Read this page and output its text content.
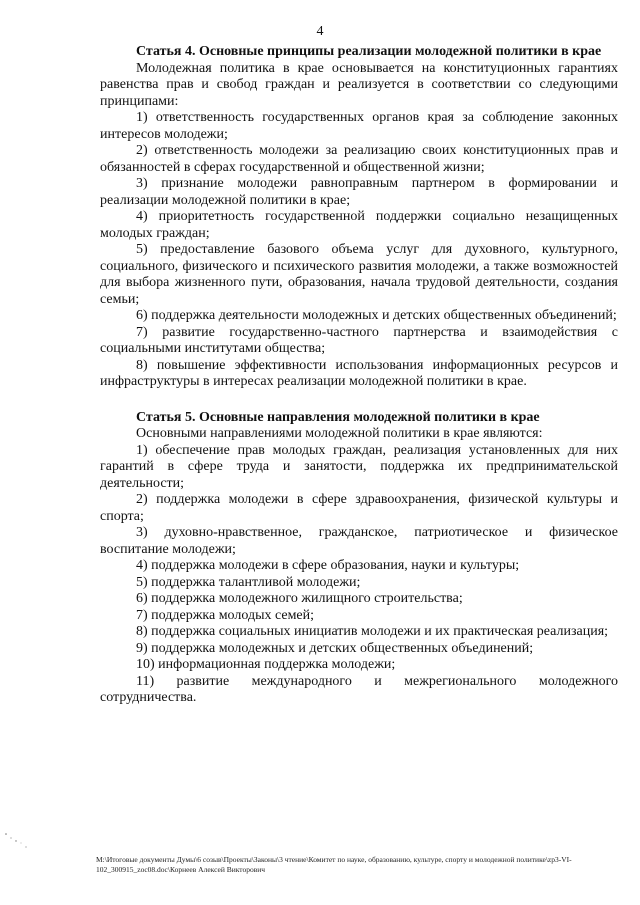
4

Статья 4. Основные принципы реализации молодежной политики в крае

Молодежная политика в крае основывается на конституционных гарантиях равенства прав и свобод граждан и реализуется в соответствии со следующими принципами:

1) ответственность государственных органов края за соблюдение законных интересов молодежи;

2) ответственность молодежи за реализацию своих конституционных прав и обязанностей в сферах государственной и общественной жизни;

3) признание молодежи равноправным партнером в формировании и реализации молодежной политики в крае;

4) приоритетность государственной поддержки социально незащищенных молодых граждан;

5) предоставление базового объема услуг для духовного, культурного, социального, физического и психического развития молодежи, а также возможностей для выбора жизненного пути, образования, начала трудовой деятельности, создания семьи;

6) поддержка деятельности молодежных и детских общественных объединений;

7) развитие государственно-частного партнерства и взаимодействия с социальными институтами общества;

8) повышение эффективности использования информационных ресурсов и инфраструктуры в интересах реализации молодежной политики в крае.

Статья 5. Основные направления молодежной политики в крае

Основными направлениями молодежной политики в крае являются:

1) обеспечение прав молодых граждан, реализация установленных для них гарантий в сфере труда и занятости, поддержка их предпринимательской деятельности;

2) поддержка молодежи в сфере здравоохранения, физической культуры и спорта;

3) духовно-нравственное, гражданское, патриотическое и физическое воспитание молодежи;

4) поддержка молодежи в сфере образования, науки и культуры;

5) поддержка талантливой молодежи;

6) поддержка молодежного жилищного строительства;

7) поддержка молодых семей;

8) поддержка социальных инициатив молодежи и их практическая реализация;

9) поддержка молодежных и детских общественных объединений;

10) информационная поддержка молодежи;

11) развитие международного и межрегионального молодежного сотрудничества.

M:\Итоговые документы Думы\6 созыв\Проекты\Законы\3 чтение\Комитет по науке, образованию, культуре, спорту и молодежной политике\zp3-VI-102_300915_zoc08.doc\Корнеев Алексей Викторович
